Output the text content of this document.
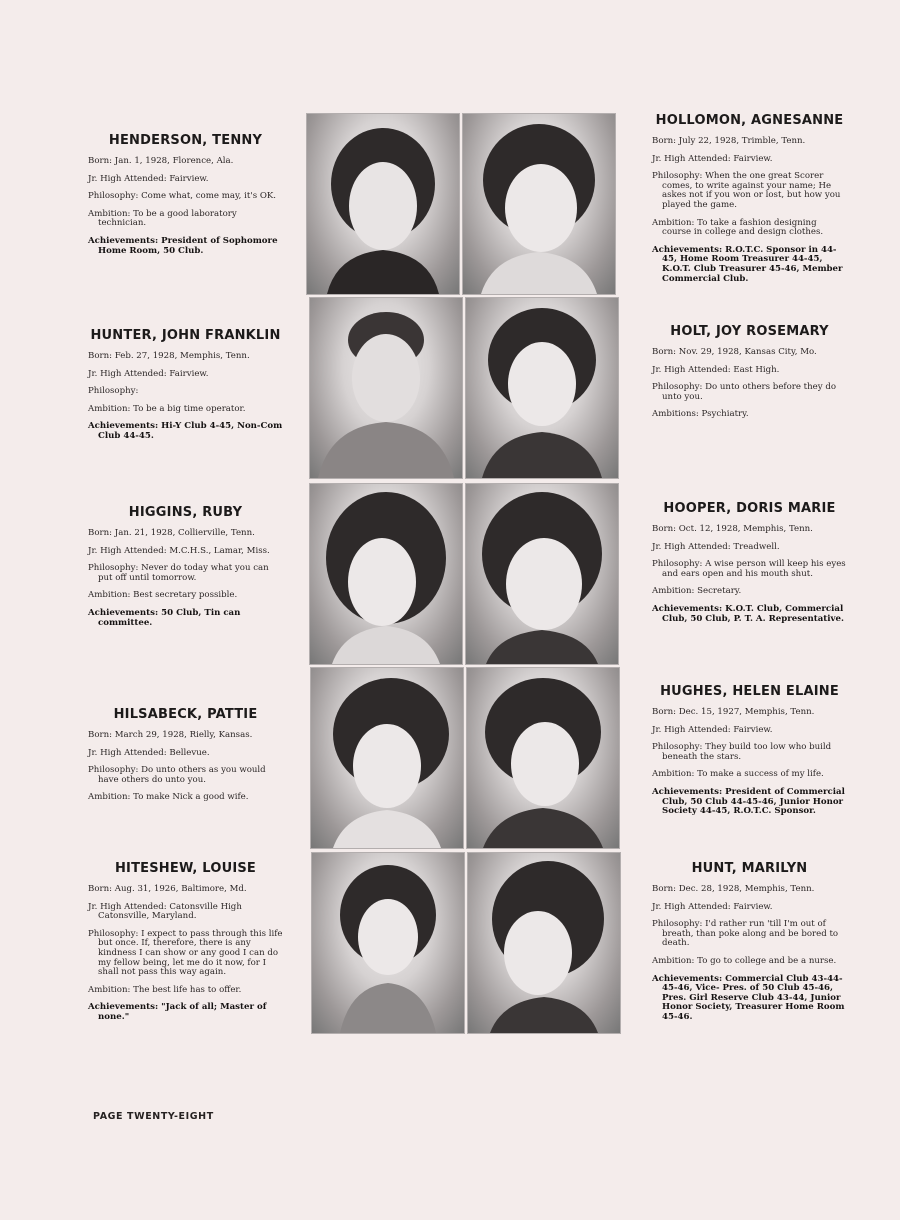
HENDERSON, TENNY
Born: Jan. 1, 1928, Florence, Ala.
Jr. High Attended: Fairview.
Philosophy: Come what, come may, it's OK.
Ambition: To be a good laboratory technician.
Achievements: President of Sophomore Home Room, 50 Club.
HOLLOMON, AGNESANNE
Born: July 22, 1928, Trimble, Tenn.
Jr. High Attended: Fairview.
Philosophy: When the one great Scorer comes, to write against your name; He askes not if you won or lost, but how you played the game.
Ambition: To take a fashion designing course in college and design clothes.
Achievements: R.O.T.C. Sponsor in 44-45, Home Room Treasurer 44-45, K.O.T. Club Treasurer 45-46, Member Commercial Club.
HUNTER, JOHN FRANKLIN
Born: Feb. 27, 1928, Memphis, Tenn.
Jr. High Attended: Fairview.
Philosophy:
Ambition: To be a big time operator.
Achievements: Hi-Y Club 4-45, Non-Com Club 44-45.
HOLT, JOY ROSEMARY
Born: Nov. 29, 1928, Kansas City, Mo.
Jr. High Attended: East High.
Philosophy: Do unto others before they do unto you.
Ambitions: Psychiatry.
HIGGINS, RUBY
Born: Jan. 21, 1928, Collierville, Tenn.
Jr. High Attended: M.C.H.S., Lamar, Miss.
Philosophy: Never do today what you can put off until tomorrow.
Ambition: Best secretary possible.
Achievements: 50 Club, Tin can committee.
HOOPER, DORIS MARIE
Born: Oct. 12, 1928, Memphis, Tenn.
Jr. High Attended: Treadwell.
Philosophy: A wise person will keep his eyes and ears open and his mouth shut.
Ambition: Secretary.
Achievements: K.O.T. Club, Commercial Club, 50 Club, P. T. A. Representative.
HILSABECK, PATTIE
Born: March 29, 1928, Rielly, Kansas.
Jr. High Attended: Bellevue.
Philosophy: Do unto others as you would have others do unto you.
Ambition: To make Nick a good wife.
HUGHES, HELEN ELAINE
Born: Dec. 15, 1927, Memphis, Tenn.
Jr. High Attended: Fairview.
Philosophy: They build too low who build beneath the stars.
Ambition: To make a success of my life.
Achievements: President of Commercial Club, 50 Club 44-45-46, Junior Honor Society 44-45, R.O.T.C. Sponsor.
HITESHEW, LOUISE
Born: Aug. 31, 1926, Baltimore, Md.
Jr. High Attended: Catonsville High Catonsville, Maryland.
Philosophy: I expect to pass through this life but once. If, therefore, there is any kindness I can show or any good I can do my fellow being, let me do it now, for I shall not pass this way again.
Ambition: The best life has to offer.
Achievements: "Jack of all; Master of none."
HUNT, MARILYN
Born: Dec. 28, 1928, Memphis, Tenn.
Jr. High Attended: Fairview.
Philosophy: I'd rather run 'till I'm out of breath, than poke along and be bored to death.
Ambition: To go to college and be a nurse.
Achievements: Commercial Club 43-44-45-46, Vice- Pres. of 50 Club 45-46, Pres. Girl Reserve Club 43-44, Junior Honor Society, Treasurer Home Room 45-46.
PAGE TWENTY-EIGHT
